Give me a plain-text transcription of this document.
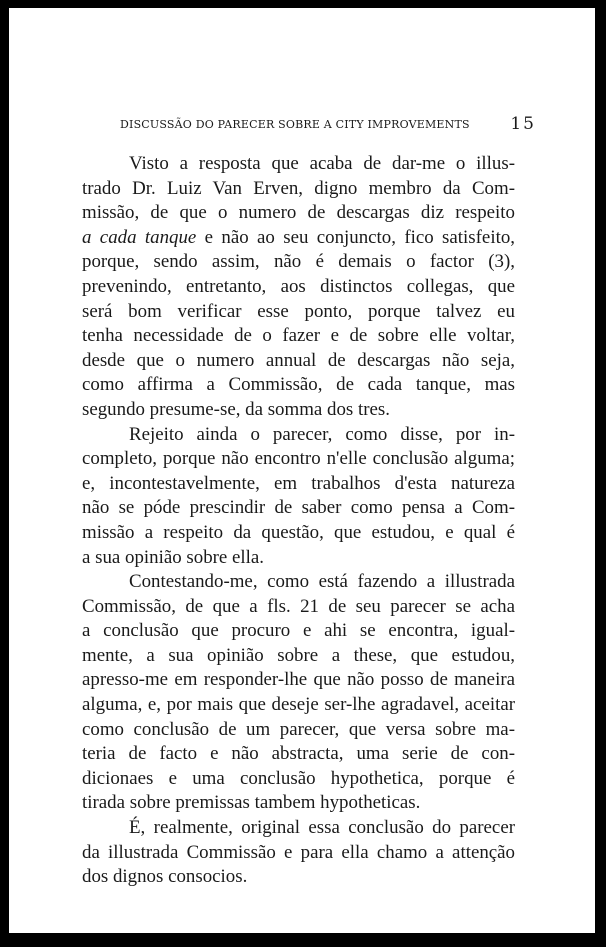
DISCUSSÃO DO PARECER SOBRE A CITY IMPROVEMENTS 15
Visto a resposta que acaba de dar-me o illus-
trado Dr. Luiz Van Erven, digno membro da Com-
missão, de que o numero de descargas diz respeito
a cada tanque e não ao seu conjuncto, fico satisfeito,
porque, sendo assim, não é demais o factor (3),
prevenindo, entretanto, aos distinctos collegas, que
será bom verificar esse ponto, porque talvez eu
tenha necessidade de o fazer e de sobre elle voltar,
desde que o numero annual de descargas não seja,
como affirma a Commissão, de cada tanque, mas
segundo presume-se, da somma dos tres.
Rejeito ainda o parecer, como disse, por in-
completo, porque não encontro n'elle conclusão alguma;
e, incontestavelmente, em trabalhos d'esta natureza
não se póde prescindir de saber como pensa a Com-
missão a respeito da questão, que estudou, e qual é
a sua opinião sobre ella.
Contestando-me, como está fazendo a illustrada
Commissão, de que a fls. 21 de seu parecer se acha
a conclusão que procuro e ahi se encontra, igual-
mente, a sua opinião sobre a these, que estudou,
apresso-me em responder-lhe que não posso de maneira
alguma, e, por mais que deseje ser-lhe agradavel, aceitar
como conclusão de um parecer, que versa sobre ma-
teria de facto e não abstracta, uma serie de con-
dicionaes e uma conclusão hypothetica, porque é
tirada sobre premissas tambem hypotheticas.
É, realmente, original essa conclusão do parecer
da illustrada Commissão e para ella chamo a attenção
dos dignos consocios.
